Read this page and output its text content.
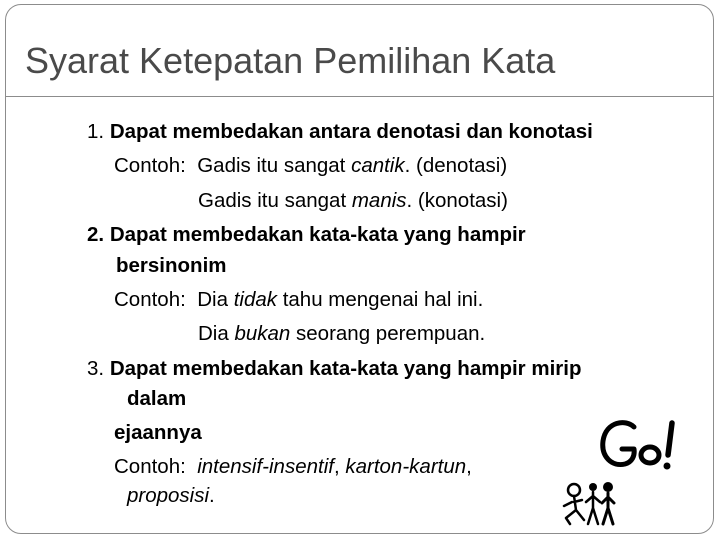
Syarat Ketepatan Pemilihan Kata
1. Dapat membedakan antara denotasi dan konotasi
Contoh: Gadis itu sangat cantik. (denotasi)
Gadis itu sangat manis. (konotasi)
2. Dapat membedakan kata-kata yang hampir
bersinonim
Contoh: Dia tidak tahu mengenai hal ini.
Dia bukan seorang perempuan.
3. Dapat membedakan kata-kata yang hampir mirip
dalam
ejaannya
Contoh: intensif-insentif, karton-kartun,
proposisi.
